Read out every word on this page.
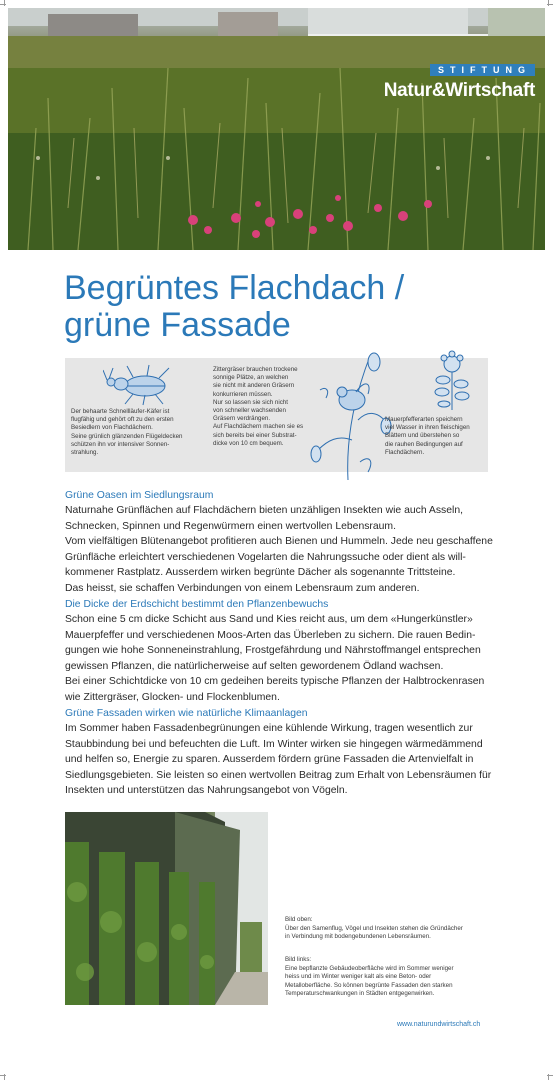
STIFTUNG
Natur&Wirtschaft
Begrüntes Flachdach /
grüne Fassade
Der behaarte Schnellläufer-Käfer ist
flugfähig und gehört oft zu den ersten
Besiedlern von Flachdächern.
Seine grünlich glänzenden Flügeldecken
schützen ihn vor intensiver Sonnen-
strahlung.
Zittergräser brauchen trockene
sonnige Plätze, an welchen
sie nicht mit anderen Gräsern
konkurrieren müssen.
Nur so lassen sie sich nicht
von schneller wachsenden
Gräsern verdrängen.
Auf Flachdächern machen sie es
sich bereits bei einer Substrat-
dicke von 10 cm bequem.
Mauerpfefferarten speichern
viel Wasser in ihren fleischigen
Blättern und überstehen so
die rauhen Bedingungen auf
Flachdächern.
Grüne Oasen im Siedlungsraum

Naturnahe Grünflächen auf Flachdächern bieten unzähligen Insekten wie auch Asseln,

Schnecken, Spinnen und Regenwürmern einen wertvollen Lebensraum.

Vom vielfältigen Blütenangebot profitieren auch Bienen und Hummeln. Jede neu geschaffene

Grünfläche erleichtert verschiedenen Vogelarten die Nahrungssuche oder dient als will-

kommener Rastplatz. Ausserdem wirken begrünte Dächer als sogenannte Trittsteine.

Das heisst, sie schaffen Verbindungen von einem Lebensraum zum anderen.

Die Dicke der Erdschicht bestimmt den Pflanzenbewuchs

Schon eine 5 cm dicke Schicht aus Sand und Kies reicht aus, um dem «Hungerkünstler»

Mauerpfeffer und verschiedenen Moos-Arten das Überleben zu sichern. Die rauen Bedin-

gungen wie hohe Sonneneinstrahlung, Frostgefährdung und Nährstoffmangel entsprechen

gewissen Pflanzen, die natürlicherweise auf selten gewordenem Ödland wachsen.

Bei einer Schichtdicke von 10 cm gedeihen bereits typische Pflanzen der Halbtrockenrasen

wie Zittergräser, Glocken- und Flockenblumen.

Grüne Fassaden wirken wie natürliche Klimaanlagen

Im Sommer haben Fassadenbegrünungen eine kühlende Wirkung, tragen wesentlich zur

Staubbindung bei und befeuchten die Luft. Im Winter wirken sie hingegen wärmedämmend

und helfen so, Energie zu sparen. Ausserdem fördern grüne Fassaden die Artenvielfalt in

Siedlungsgebieten. Sie leisten so einen wertvollen Beitrag zum Erhalt von Lebensräumen für

Insekten und unterstützen das Nahrungsangebot von Vögeln.

Bild oben:
Über den Samenflug, Vögel und Insekten stehen die Gründächer
in Verbindung mit bodengebundenen Lebensräumen.
Bild links:
Eine bepflanzte Gebäudeoberfläche wird im Sommer weniger
heiss und im Winter weniger kalt als eine Beton- oder
Metalloberfläche. So können begrünte Fassaden den starken
Temperaturschwankungen in Städten entgegenwirken.
www.naturundwirtschaft.ch
